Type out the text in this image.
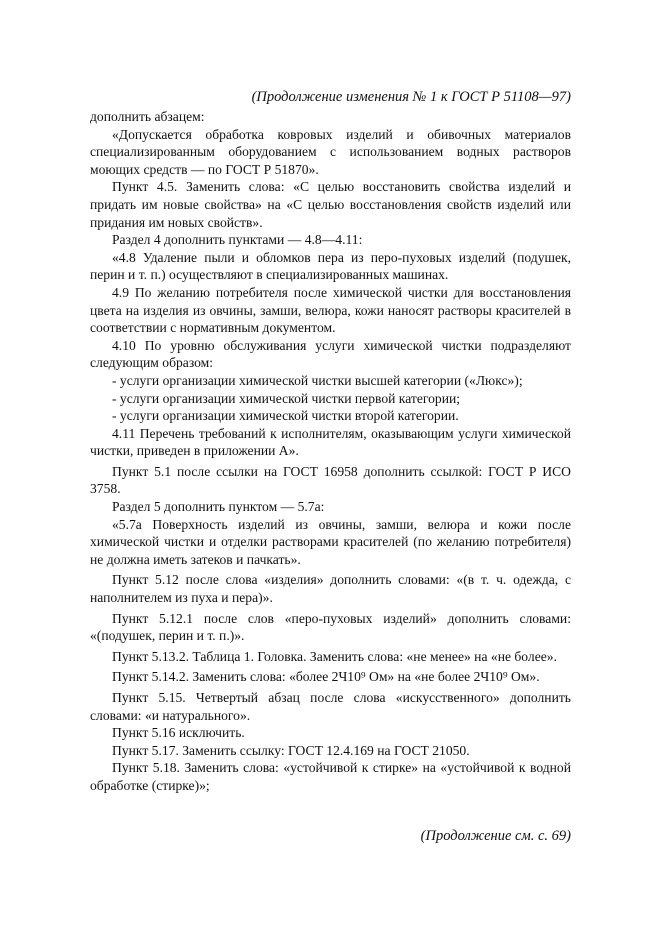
(Продолжение изменения № 1 к ГОСТ Р 51108—97)

дополнить абзацем:

«Допускается обработка ковровых изделий и обивочных материалов специализированным оборудованием с использованием водных растворов моющих средств — по ГОСТ Р 51870».

Пункт 4.5. Заменить слова: «С целью восстановить свойства изделий и придать им новые свойства» на «С целью восстановления свойств изделий или придания им новых свойств».

Раздел 4 дополнить пунктами — 4.8—4.11:

«4.8 Удаление пыли и обломков пера из перо-пуховых изделий (подушек, перин и т. п.) осуществляют в специализированных машинах.

4.9 По желанию потребителя после химической чистки для восстановления цвета на изделия из овчины, замши, велюра, кожи наносят растворы красителей в соответствии с нормативным документом.

4.10 По уровню обслуживания услуги химической чистки подразделяют следующим образом:

- услуги организации химической чистки высшей категории («Люкс»);

- услуги организации химической чистки первой категории;

- услуги организации химической чистки второй категории.

4.11 Перечень требований к исполнителям, оказывающим услуги химической чистки, приведен в приложении А».

Пункт 5.1 после ссылки на ГОСТ 16958 дополнить ссылкой: ГОСТ Р ИСО 3758.

Раздел 5 дополнить пунктом — 5.7а:

«5.7а Поверхность изделий из овчины, замши, велюра и кожи после химической чистки и отделки растворами красителей (по желанию потребителя) не должна иметь затеков и пачкать».

Пункт 5.12 после слова «изделия» дополнить словами: «(в т. ч. одежда, с наполнителем из пуха и пера)».

Пункт 5.12.1 после слов «перо-пуховых изделий» дополнить словами: «(подушек, перин и т. п.)».

Пункт 5.13.2. Таблица 1. Головка. Заменить слова: «не менее» на «не более».

Пункт 5.14.2. Заменить слова: «более 2Ч10⁹ Ом» на «не более 2Ч10⁹ Ом».

Пункт 5.15. Четвертый абзац после слова «искусственного» дополнить словами: «и натурального».

Пункт 5.16 исключить.

Пункт 5.17. Заменить ссылку: ГОСТ 12.4.169 на ГОСТ 21050.

Пункт 5.18. Заменить слова: «устойчивой к стирке» на «устойчивой к водной обработке (стирке)»;

(Продолжение см. с. 69)
